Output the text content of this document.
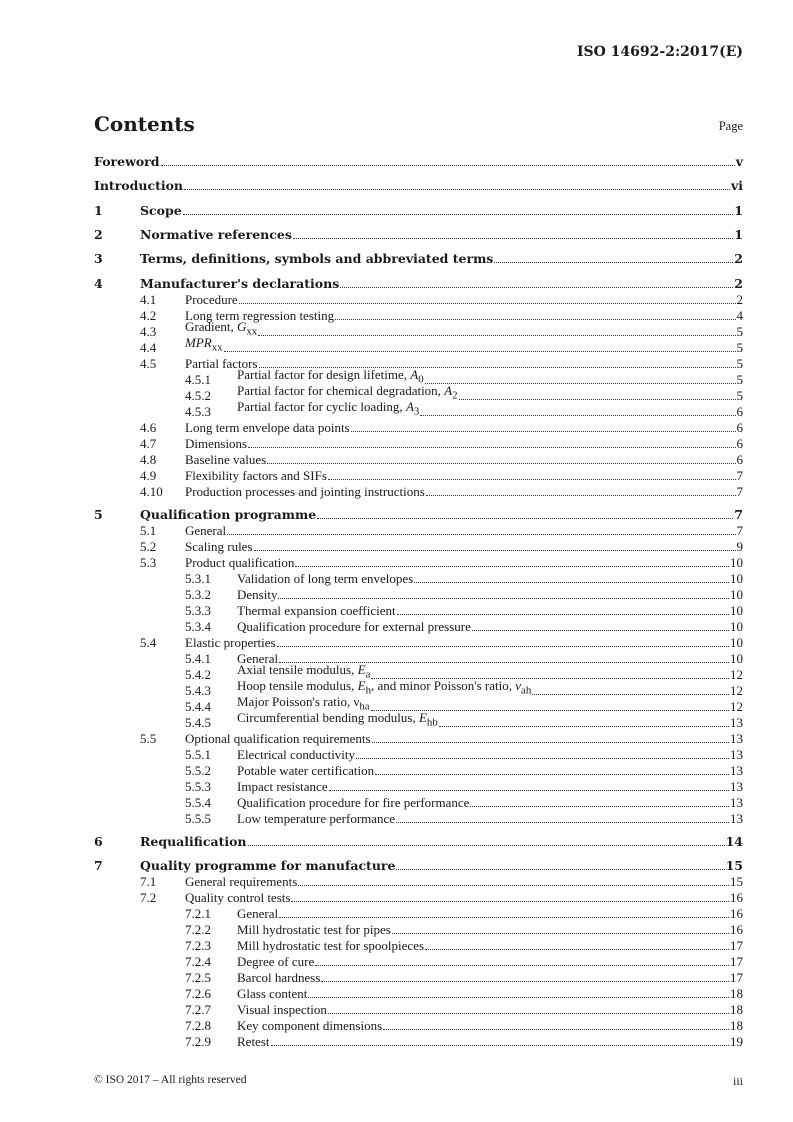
ISO 14692-2:2017(E)
Contents	Page
Foreword	v
Introduction	vi
1	Scope	1
2	Normative references	1
3	Terms, definitions, symbols and abbreviated terms	2
4	Manufacturer's declarations	2
4.1 Procedure	2
4.2 Long term regression testing	4
4.3 Gradient, $G_{xx}$	5
4.4 $MPR_{xx}$	5
4.5 Partial factors	5
4.5.1 Partial factor for design lifetime, $A_0$	5
4.5.2 Partial factor for chemical degradation, $A_2$	5
4.5.3 Partial factor for cyclic loading, $A_3$	6
4.6 Long term envelope data points	6
4.7 Dimensions	6
4.8 Baseline values	6
4.9 Flexibility factors and SIFs	7
4.10 Production processes and jointing instructions	7
5	Qualification programme	7
5.1 General	7
5.2 Scaling rules	9
5.3 Product qualification	10
5.3.1 Validation of long term envelopes	10
5.3.2 Density	10
5.3.3 Thermal expansion coefficient	10
5.3.4 Qualification procedure for external pressure	10
5.4 Elastic properties	10
5.4.1 General	10
5.4.2 Axial tensile modulus, $E_a$	12
5.4.3 Hoop tensile modulus, $E_h$, and minor Poisson's ratio, $\nu_{ah}$	12
5.4.4 Major Poisson's ratio, $\nu_{ha}$	12
5.4.5 Circumferential bending modulus, $E_{hb}$	13
5.5 Optional qualification requirements	13
5.5.1 Electrical conductivity	13
5.5.2 Potable water certification	13
5.5.3 Impact resistance	13
5.5.4 Qualification procedure for fire performance	13
5.5.5 Low temperature performance	13
6	Requalification	14
7	Quality programme for manufacture	15
7.1 General requirements	15
7.2 Quality control tests	16
7.2.1 General	16
7.2.2 Mill hydrostatic test for pipes	16
7.2.3 Mill hydrostatic test for spoolpieces	17
7.2.4 Degree of cure	17
7.2.5 Barcol hardness	17
7.2.6 Glass content	18
7.2.7 Visual inspection	18
7.2.8 Key component dimensions	18
7.2.9 Retest	19
© ISO 2017 – All rights reserved	iii
